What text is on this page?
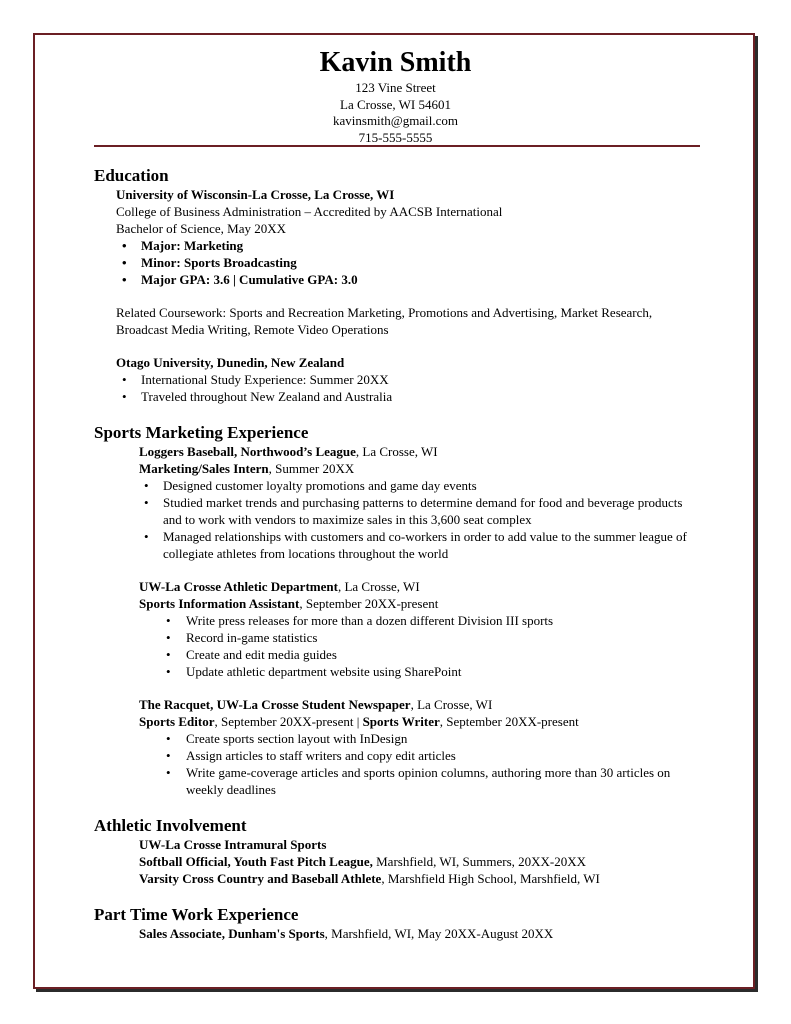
Kavin Smith
123 Vine Street
La Crosse, WI 54601
kavinsmith@gmail.com
715-555-5555
Education
University of Wisconsin-La Crosse, La Crosse, WI
College of Business Administration – Accredited by AACSB International
Bachelor of Science, May 20XX
• Major: Marketing
• Minor: Sports Broadcasting
• Major GPA: 3.6 | Cumulative GPA: 3.0
Related Coursework: Sports and Recreation Marketing, Promotions and Advertising, Market Research, Broadcast Media Writing, Remote Video Operations
Otago University, Dunedin, New Zealand
• International Study Experience: Summer 20XX
• Traveled throughout New Zealand and Australia
Sports Marketing Experience
Loggers Baseball, Northwood’s League, La Crosse, WI
Marketing/Sales Intern, Summer 20XX
• Designed customer loyalty promotions and game day events
• Studied market trends and purchasing patterns to determine demand for food and beverage products and to work with vendors to maximize sales in this 3,600 seat complex
• Managed relationships with customers and co-workers in order to add value to the summer league of collegiate athletes from locations throughout the world
UW-La Crosse Athletic Department, La Crosse, WI
Sports Information Assistant, September 20XX-present
• Write press releases for more than a dozen different Division III sports
• Record in-game statistics
• Create and edit media guides
• Update athletic department website using SharePoint
The Racquet, UW-La Crosse Student Newspaper, La Crosse, WI
Sports Editor, September 20XX-present | Sports Writer, September 20XX-present
• Create sports section layout with InDesign
• Assign articles to staff writers and copy edit articles
• Write game-coverage articles and sports opinion columns, authoring more than 30 articles on weekly deadlines
Athletic Involvement
UW-La Crosse Intramural Sports
Softball Official, Youth Fast Pitch League, Marshfield, WI, Summers, 20XX-20XX
Varsity Cross Country and Baseball Athlete, Marshfield High School, Marshfield, WI
Part Time Work Experience
Sales Associate, Dunham's Sports, Marshfield, WI, May 20XX-August 20XX
